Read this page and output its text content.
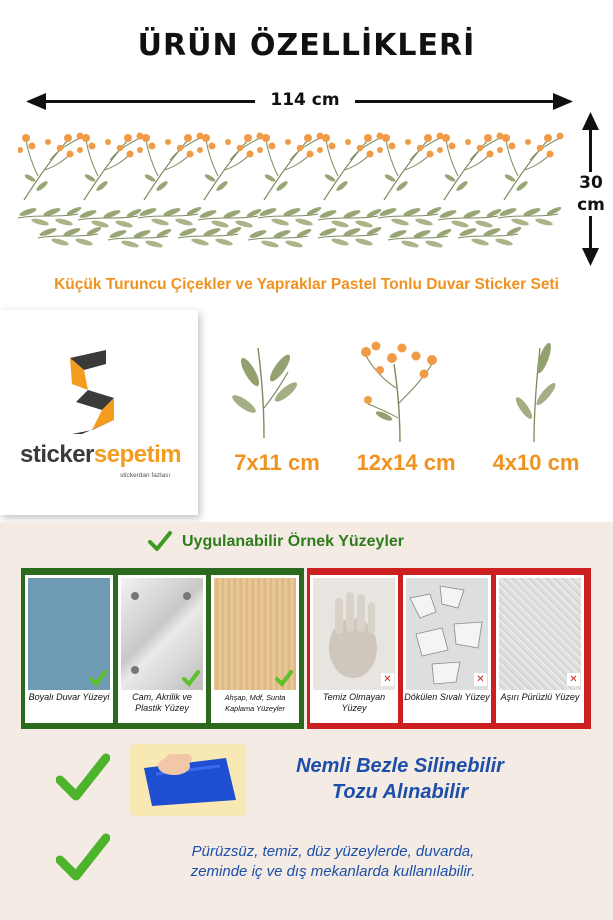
ÜRÜN ÖZELLİKLERİ
114 cm
30
cm
Küçük Turuncu Çiçekler ve Yapraklar Pastel Tonlu Duvar Sticker Seti
stickersepetim
stickerdan fazlası
7x11 cm	12x14 cm	4x10 cm
Uygulanabilir Örnek Yüzeyler
Boyalı Duvar Yüzeyi	Cam, Akrilik ve Plastik Yüzey
Ahşap, Mdf, Sunta Kaplama Yüzeyler
✕
Temiz Olmayan Yüzey
✕
Dökülen Sıvalı Yüzey
✕
Aşırı Pürüzlü Yüzey
Nemli Bezle Silinebilir
Tozu Alınabilir
Pürüzsüz, temiz, düz yüzeylerde, duvarda,
zeminde iç ve dış mekanlarda kullanılabilir.
